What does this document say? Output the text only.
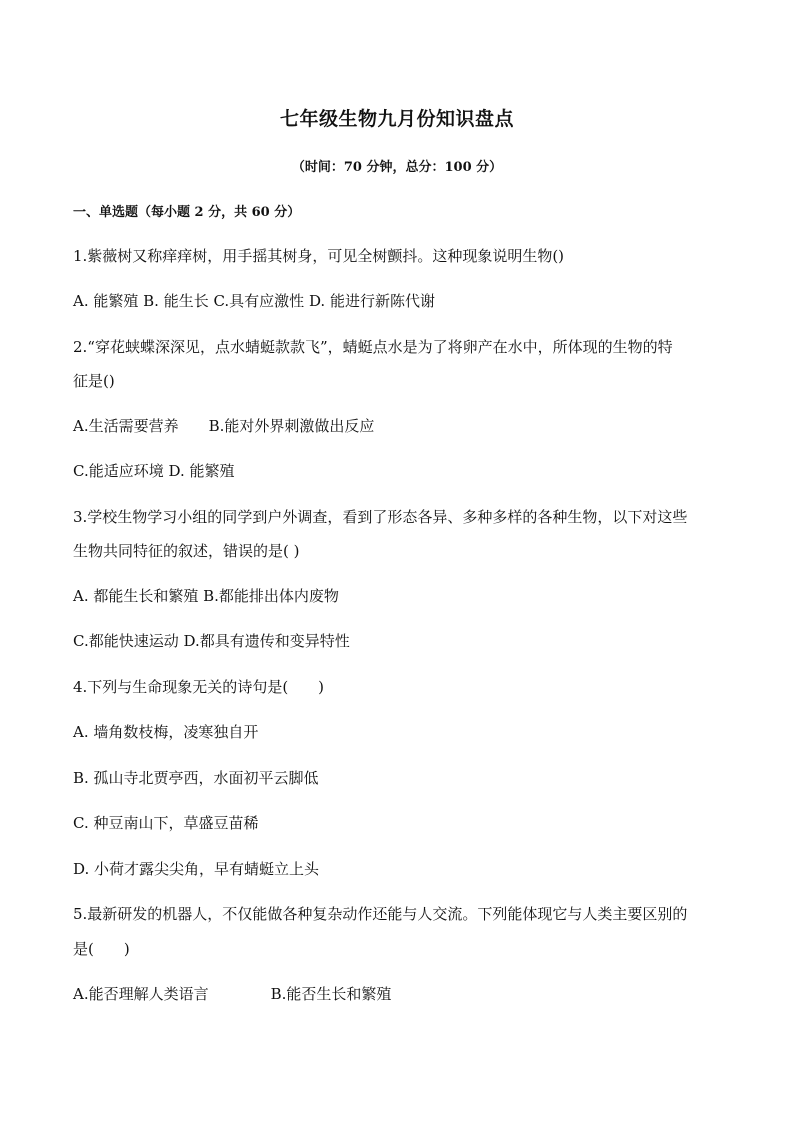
七年级生物九月份知识盘点
（时间：70 分钟，总分：100 分）
一、单选题（每小题 2 分，共 60 分）
1.紫薇树又称痒痒树，用手摇其树身，可见全树颤抖。这种现象说明生物()
A. 能繁殖 B. 能生长 C.具有应激性 D. 能进行新陈代谢
2.“穿花蛱蝶深深见，点水蜻蜓款款飞”，蜻蜓点水是为了将卵产在水中，所体现的生物的特
征是()
A.生活需要营养 B.能对外界刺激做出反应
C.能适应环境 D. 能繁殖
3.学校生物学习小组的同学到户外调查，看到了形态各异、多种多样的各种生物，以下对这些
生物共同特征的叙述，错误的是( )
A. 都能生长和繁殖 B.都能排出体内废物
C.都能快速运动 D.都具有遗传和变异特性
4.下列与生命现象无关的诗句是(　　)
A. 墙角数枝梅，凌寒独自开
B. 孤山寺北贾亭西，水面初平云脚低
C. 种豆南山下，草盛豆苗稀
D. 小荷才露尖尖角，早有蜻蜓立上头
5.最新研发的机器人，不仅能做各种复杂动作还能与人交流。下列能体现它与人类主要区别的
是(　　)
A.能否理解人类语言	B.能否生长和繁殖
